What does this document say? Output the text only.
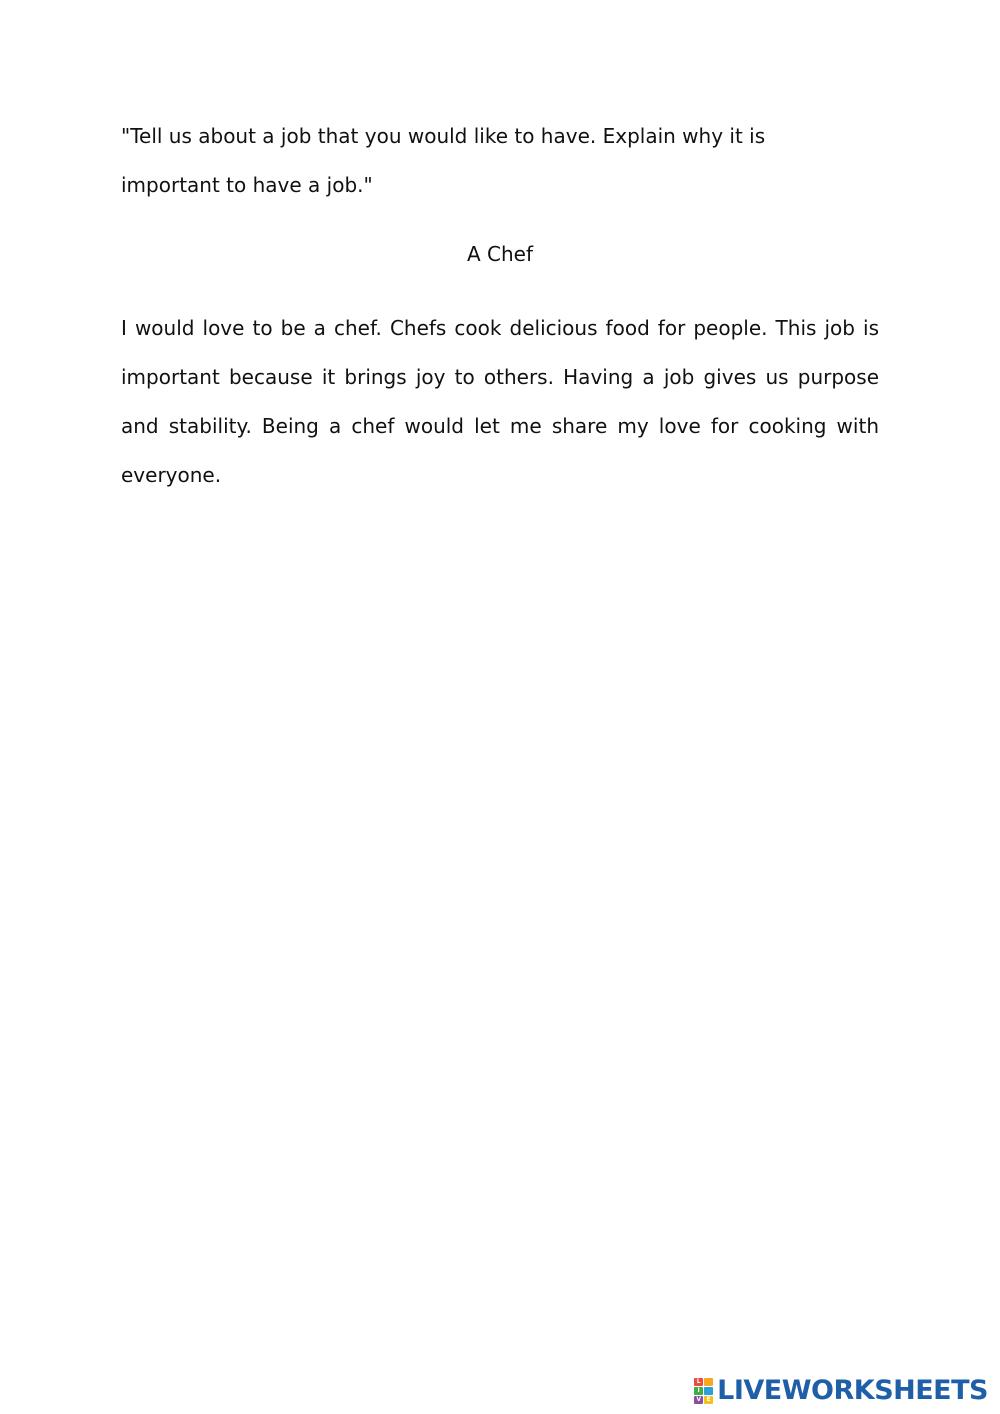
"Tell us about a job that you would like to have. Explain why it is
important to have a job."

A Chef
I would love to be a chef. Chefs cook delicious food for people. This job is
important because it brings joy to others. Having a job gives us purpose
and stability. Being a chef would let me share my love for cooking with
everyone.
L
I
V E LIVEWORKSHEETS
